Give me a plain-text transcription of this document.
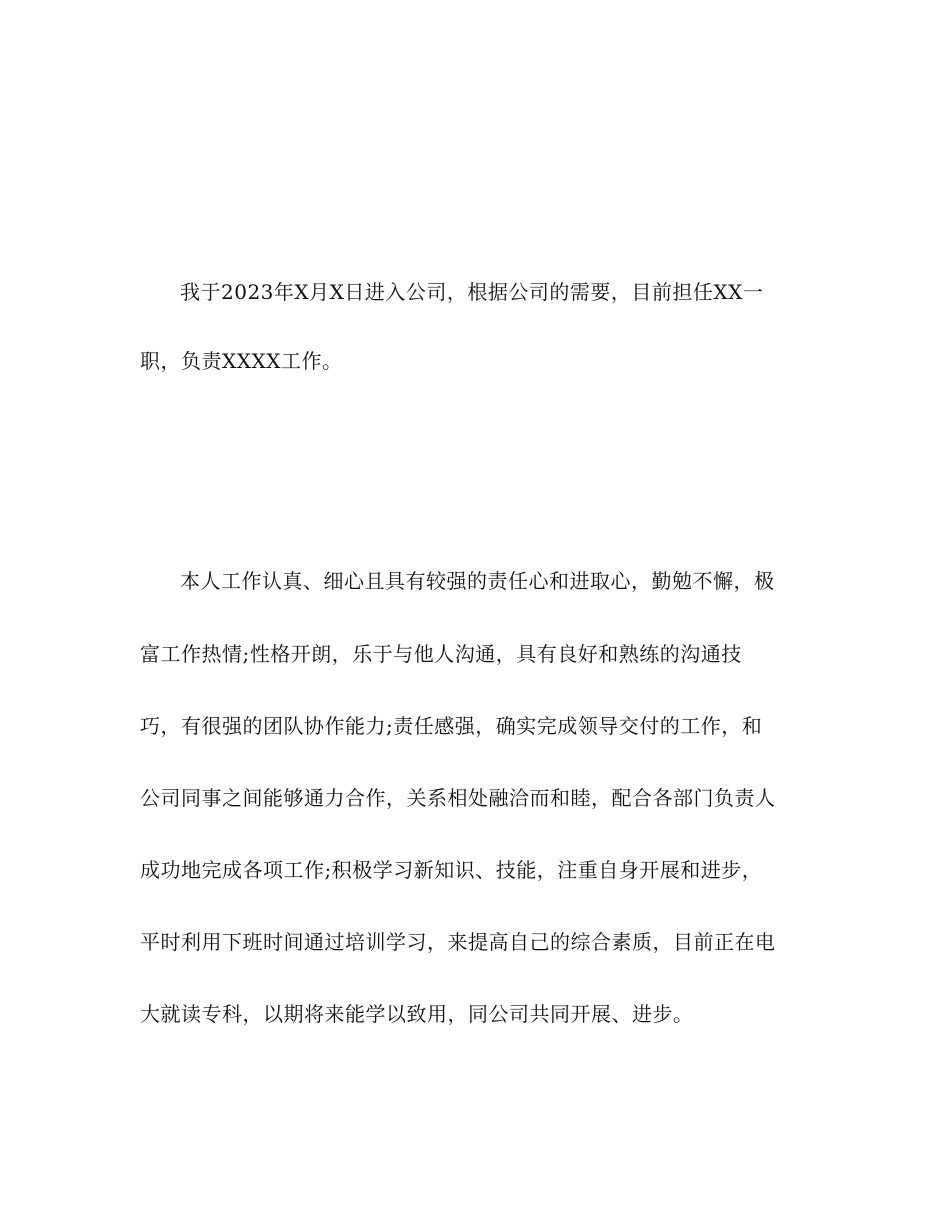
我于2023年X月X日进入公司，根据公司的需要，目前担任XX一
职，负责XXXX工作。
本人工作认真、细心且具有较强的责任心和进取心，勤勉不懈，极
富工作热情;性格开朗，乐于与他人沟通，具有良好和熟练的沟通技
巧，有很强的团队协作能力;责任感强，确实完成领导交付的工作，和
公司同事之间能够通力合作，关系相处融洽而和睦，配合各部门负责人
成功地完成各项工作;积极学习新知识、技能，注重自身开展和进步，
平时利用下班时间通过培训学习，来提高自己的综合素质，目前正在电
大就读专科，以期将来能学以致用，同公司共同开展、进步。
